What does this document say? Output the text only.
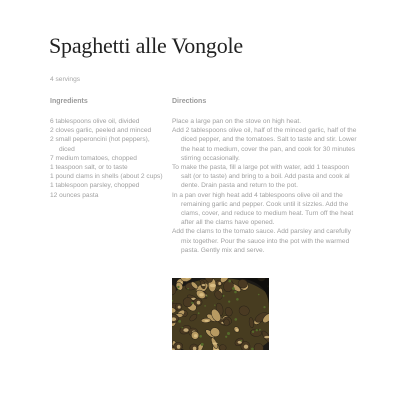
Spaghetti alle Vongole
4 servings
Ingredients	Directions
6 tablespoons olive oil, divided
2 cloves garlic, peeled and minced
2 small peperoncini (hot peppers), diced
7 medium tomatoes, chopped
1 teaspoon salt, or to taste
1 pound clams in shells (about 2 cups)
1 tablespoon parsley, chopped
12 ounces pasta
Place a large pan on the stove on high heat.
Add 2 tablespoons olive oil, half of the minced garlic, half of the diced pepper, and the tomatoes. Salt to taste and stir. Lower the heat to medium, cover the pan, and cook for 30 minutes stirring occasionally.
To make the pasta, fill a large pot with water, add 1 teaspoon salt (or to taste) and bring to a boil. Add pasta and cook al dente. Drain pasta and return to the pot.
In a pan over high heat add 4 tablespoons olive oil and the remaining garlic and pepper. Cook until it sizzles. Add the clams, cover, and reduce to medium heat. Turn off the heat after all the clams have opened.
Add the clams to the tomato sauce. Add parsley and carefully mix together. Pour the sauce into the pot with the warmed pasta. Gently mix and serve.
